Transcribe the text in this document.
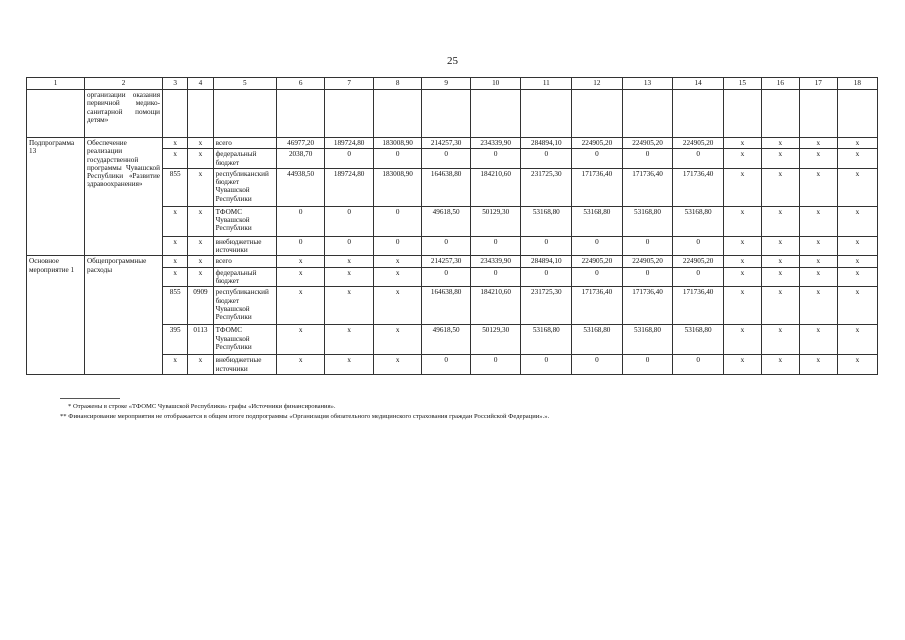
25
1	2	3	4	5	6	7	8	9	10	11	12	13	14	15	16	17	18
	организации оказания первичной медико-санитарной помощи детям»																
Подпрограмма 13	Обеспечение реализации государственной программы Чувашской Республики «Развитие здравоохранения»	x	x	всего	46977,20	189724,80	183008,90	214257,30	234339,90	284894,10	224905,20	224905,20	224905,20	x	x	x	x
		x	x	федеральный бюджет	2038,70	0	0	0	0	0	0	0	0	x	x	x	x
		855	x	республиканский бюджет Чувашской Республики	44938,50	189724,80	183008,90	164638,80	184210,60	231725,30	171736,40	171736,40	171736,40	x	x	x	x
		x	x	ТФОМС Чувашской Республики	0	0	0	49618,50	50129,30	53168,80	53168,80	53168,80	53168,80	x	x	x	x
		x	x	внебюджетные источники	0	0	0	0	0	0	0	0	0	x	x	x	x
Основное мероприятие 1	Общепрограммные расходы	x	x	всего	x	x	x	214257,30	234339,90	284894,10	224905,20	224905,20	224905,20	x	x	x	x
		x	x	федеральный бюджет	x	x	x	0	0	0	0	0	0	x	x	x	x
		855	0909	республиканский бюджет Чувашской Республики	x	x	x	164638,80	184210,60	231725,30	171736,40	171736,40	171736,40	x	x	x	x
		395	0113	ТФОМС Чувашской Республики	x	x	x	49618,50	50129,30	53168,80	53168,80	53168,80	53168,80	x	x	x	x
		x	x	внебюджетные источники	x	x	x	0	0	0	0	0	0	x	x	x	x
* Отражены в строке «ТФОМС Чувашской Республики» графы «Источники финансирования».
** Финансирование мероприятия не отображается в общем итоге подпрограммы «Организация обязательного медицинского страхования граждан Российской Федерации».».
